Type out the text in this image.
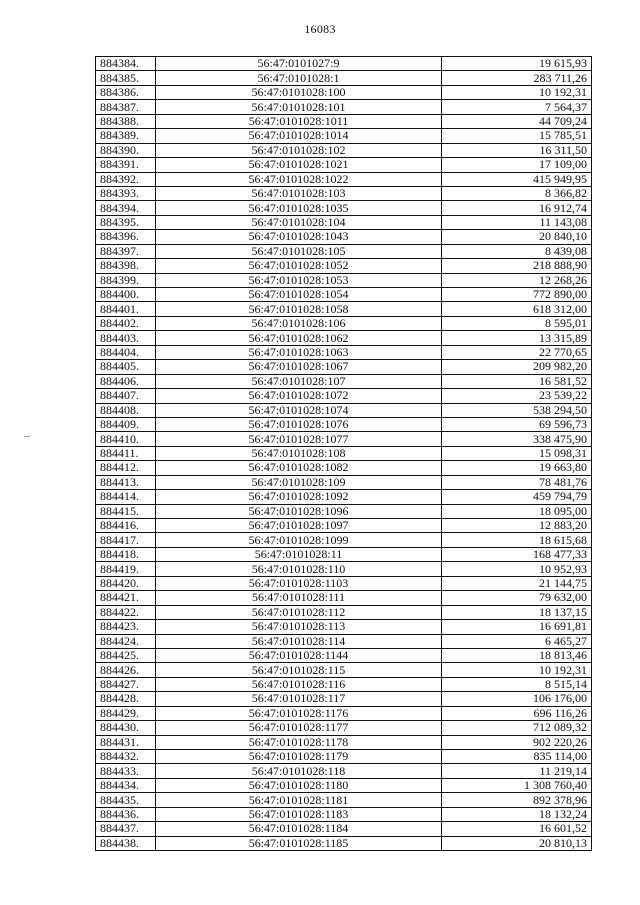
16083
884384.	56:47:0101027:9	19 615,93
884385.	56:47:0101028:1	283 711,26
884386.	56:47:0101028:100	10 192,31
884387.	56:47:0101028:101	7 564,37
884388.	56:47:0101028:1011	44 709,24
884389.	56:47:0101028:1014	15 785,51
884390.	56:47:0101028:102	16 311,50
884391.	56:47:0101028:1021	17 109,00
884392.	56:47:0101028:1022	415 949,95
884393.	56:47:0101028:103	8 366,82
884394.	56:47:0101028:1035	16 912,74
884395.	56:47:0101028:104	11 143,08
884396.	56:47:0101028:1043	20 840,10
884397.	56:47:0101028:105	8 439,08
884398.	56:47:0101028:1052	218 888,90
884399.	56:47:0101028:1053	12 268,26
884400.	56:47:0101028:1054	772 890,00
884401.	56:47:0101028:1058	618 312,00
884402.	56:47:0101028:106	8 595,01
884403.	56:47:0101028:1062	13 315,89
884404.	56:47:0101028:1063	22 770,65
884405.	56:47:0101028:1067	209 982,20
884406.	56:47:0101028:107	16 581,52
884407.	56:47:0101028:1072	23 539,22
884408.	56:47:0101028:1074	538 294,50
884409.	56:47:0101028:1076	69 596,73
884410.	56:47:0101028:1077	338 475,90
884411.	56:47:0101028:108	15 098,31
884412.	56:47:0101028:1082	19 663,80
884413.	56:47:0101028:109	78 481,76
884414.	56:47:0101028:1092	459 794,79
884415.	56:47:0101028:1096	18 095,00
884416.	56:47:0101028:1097	12 883,20
884417.	56:47:0101028:1099	18 615,68
884418.	56:47:0101028:11	168 477,33
884419.	56:47:0101028:110	10 952,93
884420.	56:47:0101028:1103	21 144,75
884421.	56:47:0101028:111	79 632,00
884422.	56:47:0101028:112	18 137,15
884423.	56:47:0101028:113	16 691,81
884424.	56:47:0101028:114	6 465,27
884425.	56:47:0101028:1144	18 813,46
884426.	56:47:0101028:115	10 192,31
884427.	56:47:0101028:116	8 515,14
884428.	56:47:0101028:117	106 176,00
884429.	56:47:0101028:1176	696 116,26
884430.	56:47:0101028:1177	712 089,32
884431.	56:47:0101028:1178	902 220,26
884432.	56:47:0101028:1179	835 114,00
884433.	56:47:0101028:118	11 219,14
884434.	56:47:0101028:1180	1 308 760,40
884435.	56:47:0101028:1181	892 378,96
884436.	56:47:0101028:1183	18 132,24
884437.	56:47:0101028:1184	16 601,52
884438.	56:47:0101028:1185	20 810,13
